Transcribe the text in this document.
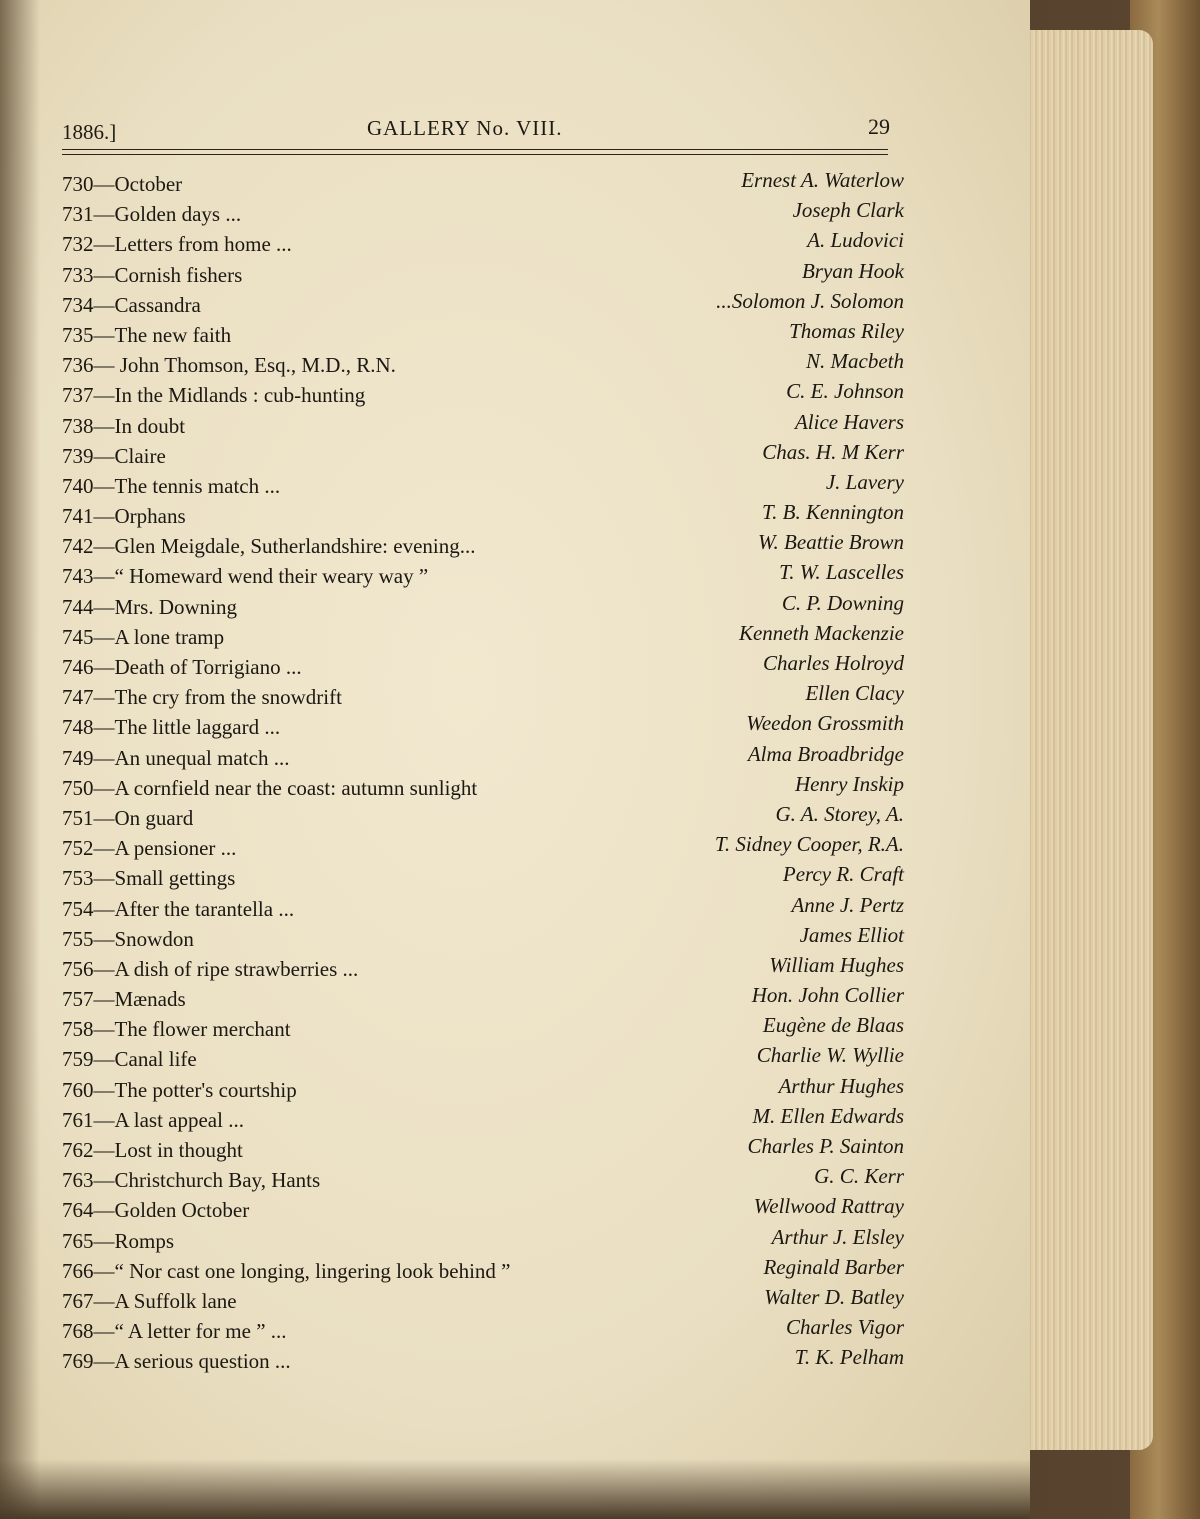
1886.]	GALLERY No. VIII.	29
730—October	Ernest A. Waterlow
731—Golden days ...	Joseph Clark
732—Letters from home ...	A. Ludovici
733—Cornish fishers	Bryan Hook
734—Cassandra	...Solomon J. Solomon
735—The new faith	Thomas Riley
736— John Thomson, Esq., M.D., R.N.	N. Macbeth
737—In the Midlands : cub-hunting	C. E. Johnson
738—In doubt	Alice Havers
739—Claire	Chas. H. M Kerr
740—The tennis match ...	J. Lavery
741—Orphans	T. B. Kennington
742—Glen Meigdale, Sutherlandshire: evening...	W. Beattie Brown
743—“ Homeward wend their weary way ”	T. W. Lascelles
744—Mrs. Downing	C. P. Downing
745—A lone tramp	Kenneth Mackenzie
746—Death of Torrigiano ...	Charles Holroyd
747—The cry from the snowdrift	Ellen Clacy
748—The little laggard ...	Weedon Grossmith
749—An unequal match ...	Alma Broadbridge
750—A cornfield near the coast: autumn sunlight	Henry Inskip
751—On guard	G. A. Storey, A.
752—A pensioner ...	T. Sidney Cooper, R.A.
753—Small gettings	Percy R. Craft
754—After the tarantella ...	Anne J. Pertz
755—Snowdon	James Elliot
756—A dish of ripe strawberries ...	William Hughes
757—Mænads	Hon. John Collier
758—The flower merchant	Eugène de Blaas
759—Canal life	Charlie W. Wyllie
760—The potter's courtship	Arthur Hughes
761—A last appeal ...	M. Ellen Edwards
762—Lost in thought	Charles P. Sainton
763—Christchurch Bay, Hants	G. C. Kerr
764—Golden October	Wellwood Rattray
765—Romps	Arthur J. Elsley
766—“ Nor cast one longing, lingering look behind ”	Reginald Barber
767—A Suffolk lane	Walter D. Batley
768—“ A letter for me ” ...	Charles Vigor
769—A serious question ...	T. K. Pelham
